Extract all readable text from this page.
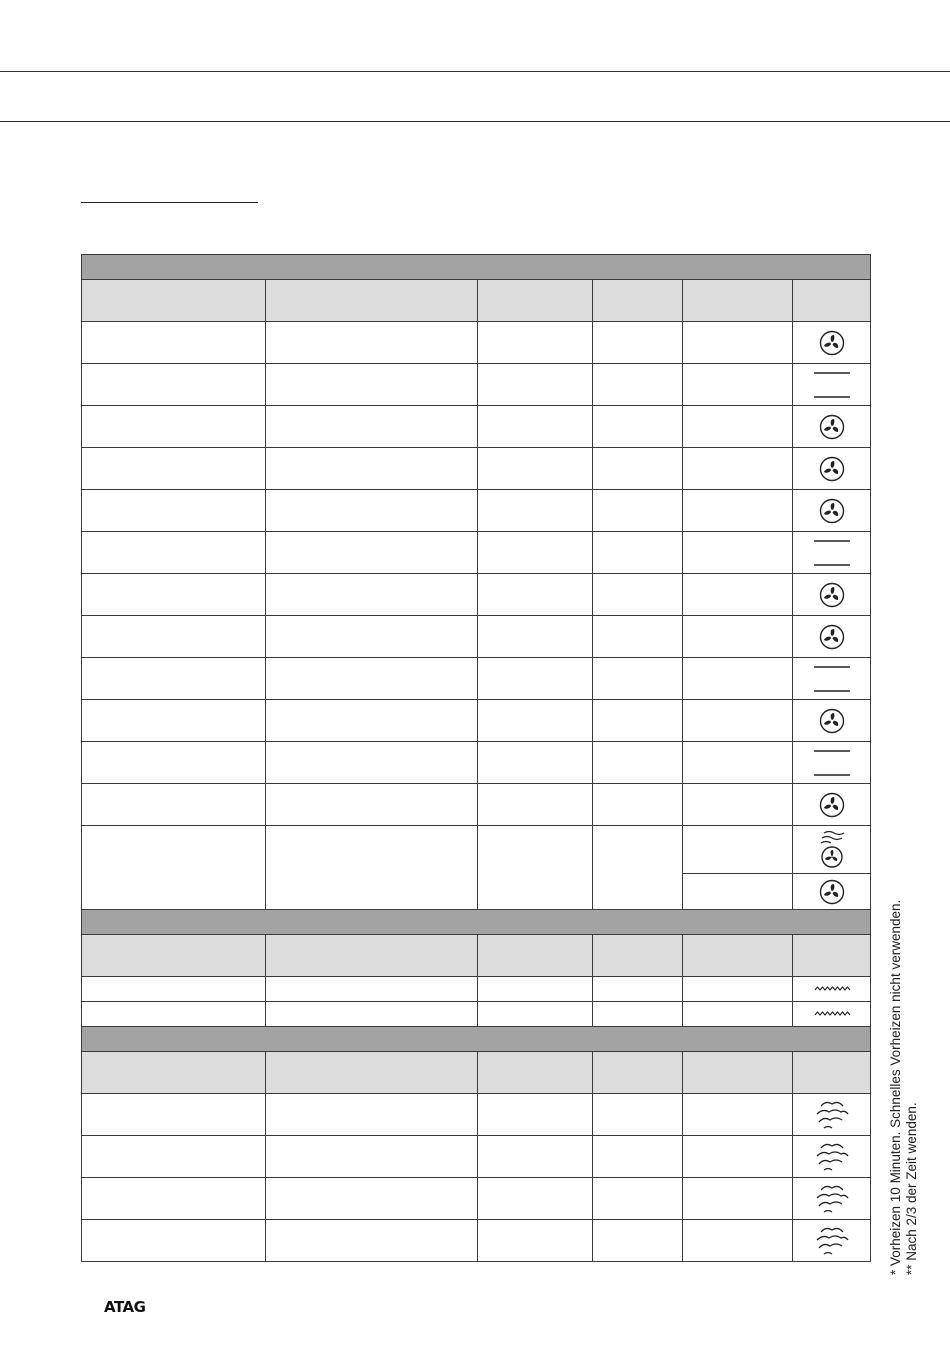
* Vorheizen 10 Minuten. Schnelles Vorheizen nicht verwenden. ** Nach 2/3 der Zeit wenden.
ATAG
